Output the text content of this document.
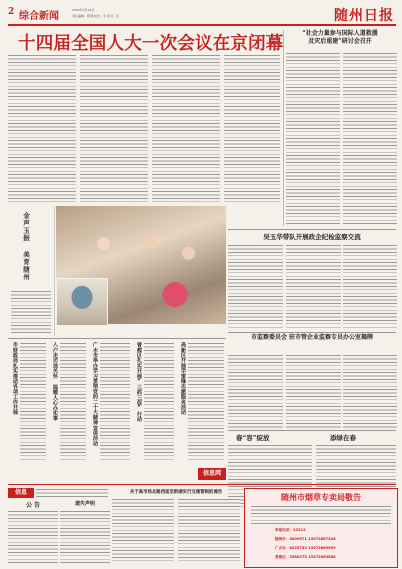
2 综合新闻
2023年3月14日
责任编辑：陈钢 版式：李 校对：张	随州日报
十四届全国人大一次会议在京闭幕
“社会力量参与国际人道救援
及灾后重建”研讨会召开
金声玉振 美育随州	吴玉华带队开展政企纪检监察交流
市监察委员会 驻市管企业监察专员办公室揭牌
春“容”绽放	添绿在春
市财政局扎实推动各项工作开展	入户走访送关怀 温暖人心办实事	广水市举办学习贯彻党的二十大精神宣讲活动	曾都区扎实开展“三抓三促”行动	高新区开展学雷锋志愿服务活动
信息网
信息
公 告	遗失声明
关于高市场北路西延至斯湖实行交通管制的通告
随州市烟草专卖局敬告
举报电话：12313
随州市：3809571 13972867326
广水市：6225733 13972869509
曾都区：3580275 15272663888
